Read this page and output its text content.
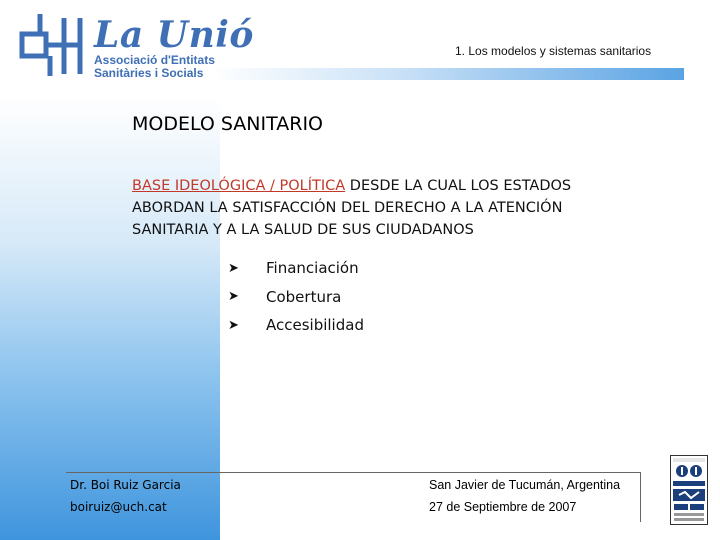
La Unió
Associació d'Entitats
Sanitàries i Socials
1. Los modelos y sistemas sanitarios
MODELO SANITARIO
BASE IDEOLÓGICA / POLÍTICA DESDE LA CUAL LOS ESTADOS ABORDAN LA SATISFACCIÓN DEL DERECHO A LA ATENCIÓN SANITARIA Y A LA SALUD DE SUS CIUDADANOS
➤	Financiación
➤	Cobertura
➤	Accesibilidad
Dr. Boi Ruiz Garcia
boiruiz@uch.cat
San Javier de Tucumán, Argentina
27 de Septiembre de 2007
